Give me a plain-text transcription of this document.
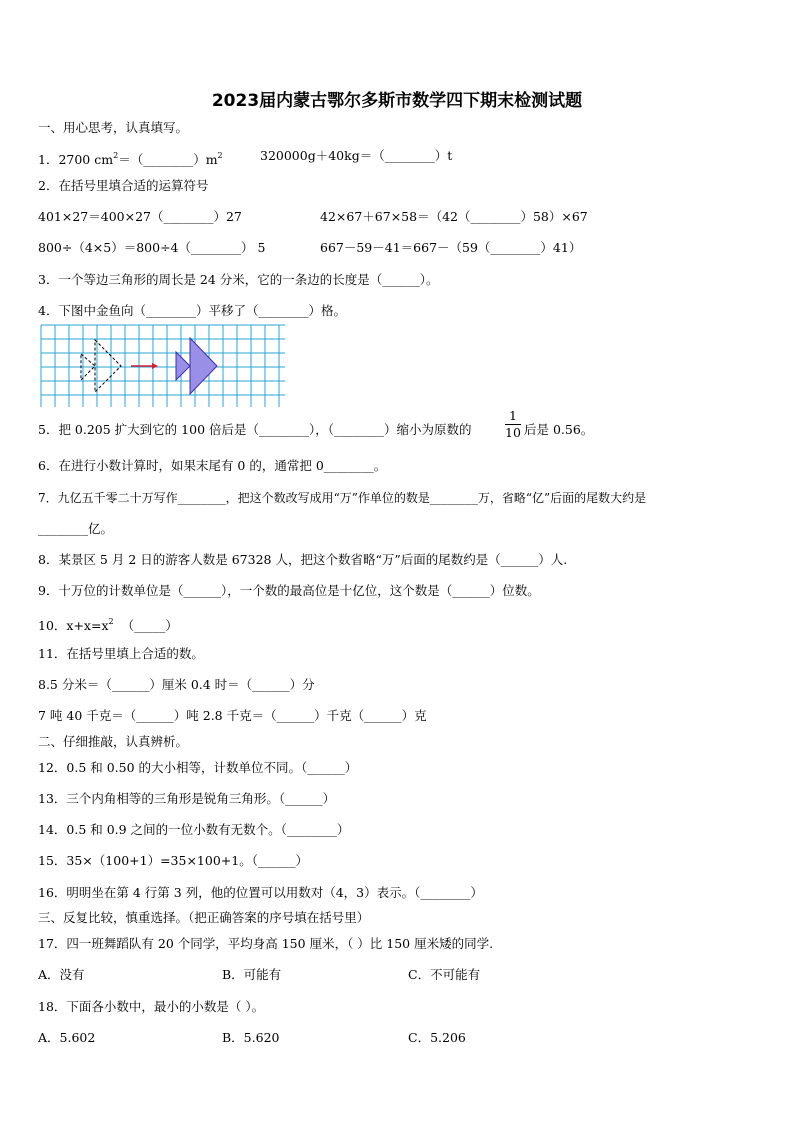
2023届内蒙古鄂尔多斯市数学四下期末检测试题
一、用心思考，认真填写。
1．2700 $cm^2=(\_\_\_\_\_\_\_\_)m^2$	320000g＋40kg＝（________）t
2．在括号里填合适的运算符号
401×27＝400×27（________）27	42×67＋67×58＝（42（________）58）×67
800÷（4×5）＝800÷4（________） 5	667－59－41＝667－（59（________）41）
3．一个等边三角形的周长是 24 分米，它的一条边的长度是（______）。
4．下图中金鱼向（________）平移了（________）格。
5．把 0.205 扩大到它的 100 倍后是（________），（________）缩小为原数的
1
10 后是 0.56。
6．在进行小数计算时，如果末尾有 0 的，通常把 0________。
7．九亿五千零二十万写作________，把这个数改写成用“万”作单位的数是________万，省略“亿”后面的尾数大约是
________亿。
8．某景区 5 月 2 日的游客人数是 67328 人，把这个数省略“万”后面的尾数约是（______）人.
9．十万位的计数单位是（______），一个数的最高位是十亿位，这个数是（______）位数。
10．$x+x=x^2$ （_____）
11．在括号里填上合适的数。
8.5 分米＝（______）厘米 0.4 时＝（______）分
7 吨 40 千克＝（______）吨 2.8 千克＝（______）千克（______）克
二、仔细推敲，认真辨析。
12．0.5 和 0.50 的大小相等，计数单位不同。（______）
13．三个内角相等的三角形是锐角三角形。（______）
14．0.5 和 0.9 之间的一位小数有无数个。（________）
15．35×（100+1）=35×100+1。（______）
16．明明坐在第 4 行第 3 列，他的位置可以用数对（4，3）表示。（________）
三、反复比较，慎重选择。（把正确答案的序号填在括号里）
17．四一班舞蹈队有 20 个同学，平均身高 150 厘米，（ ）比 150 厘米矮的同学.
A．没有	B．可能有	C．不可能有
18．下面各小数中，最小的小数是（ ）。
A．5.602	B．5.620	C．5.206
